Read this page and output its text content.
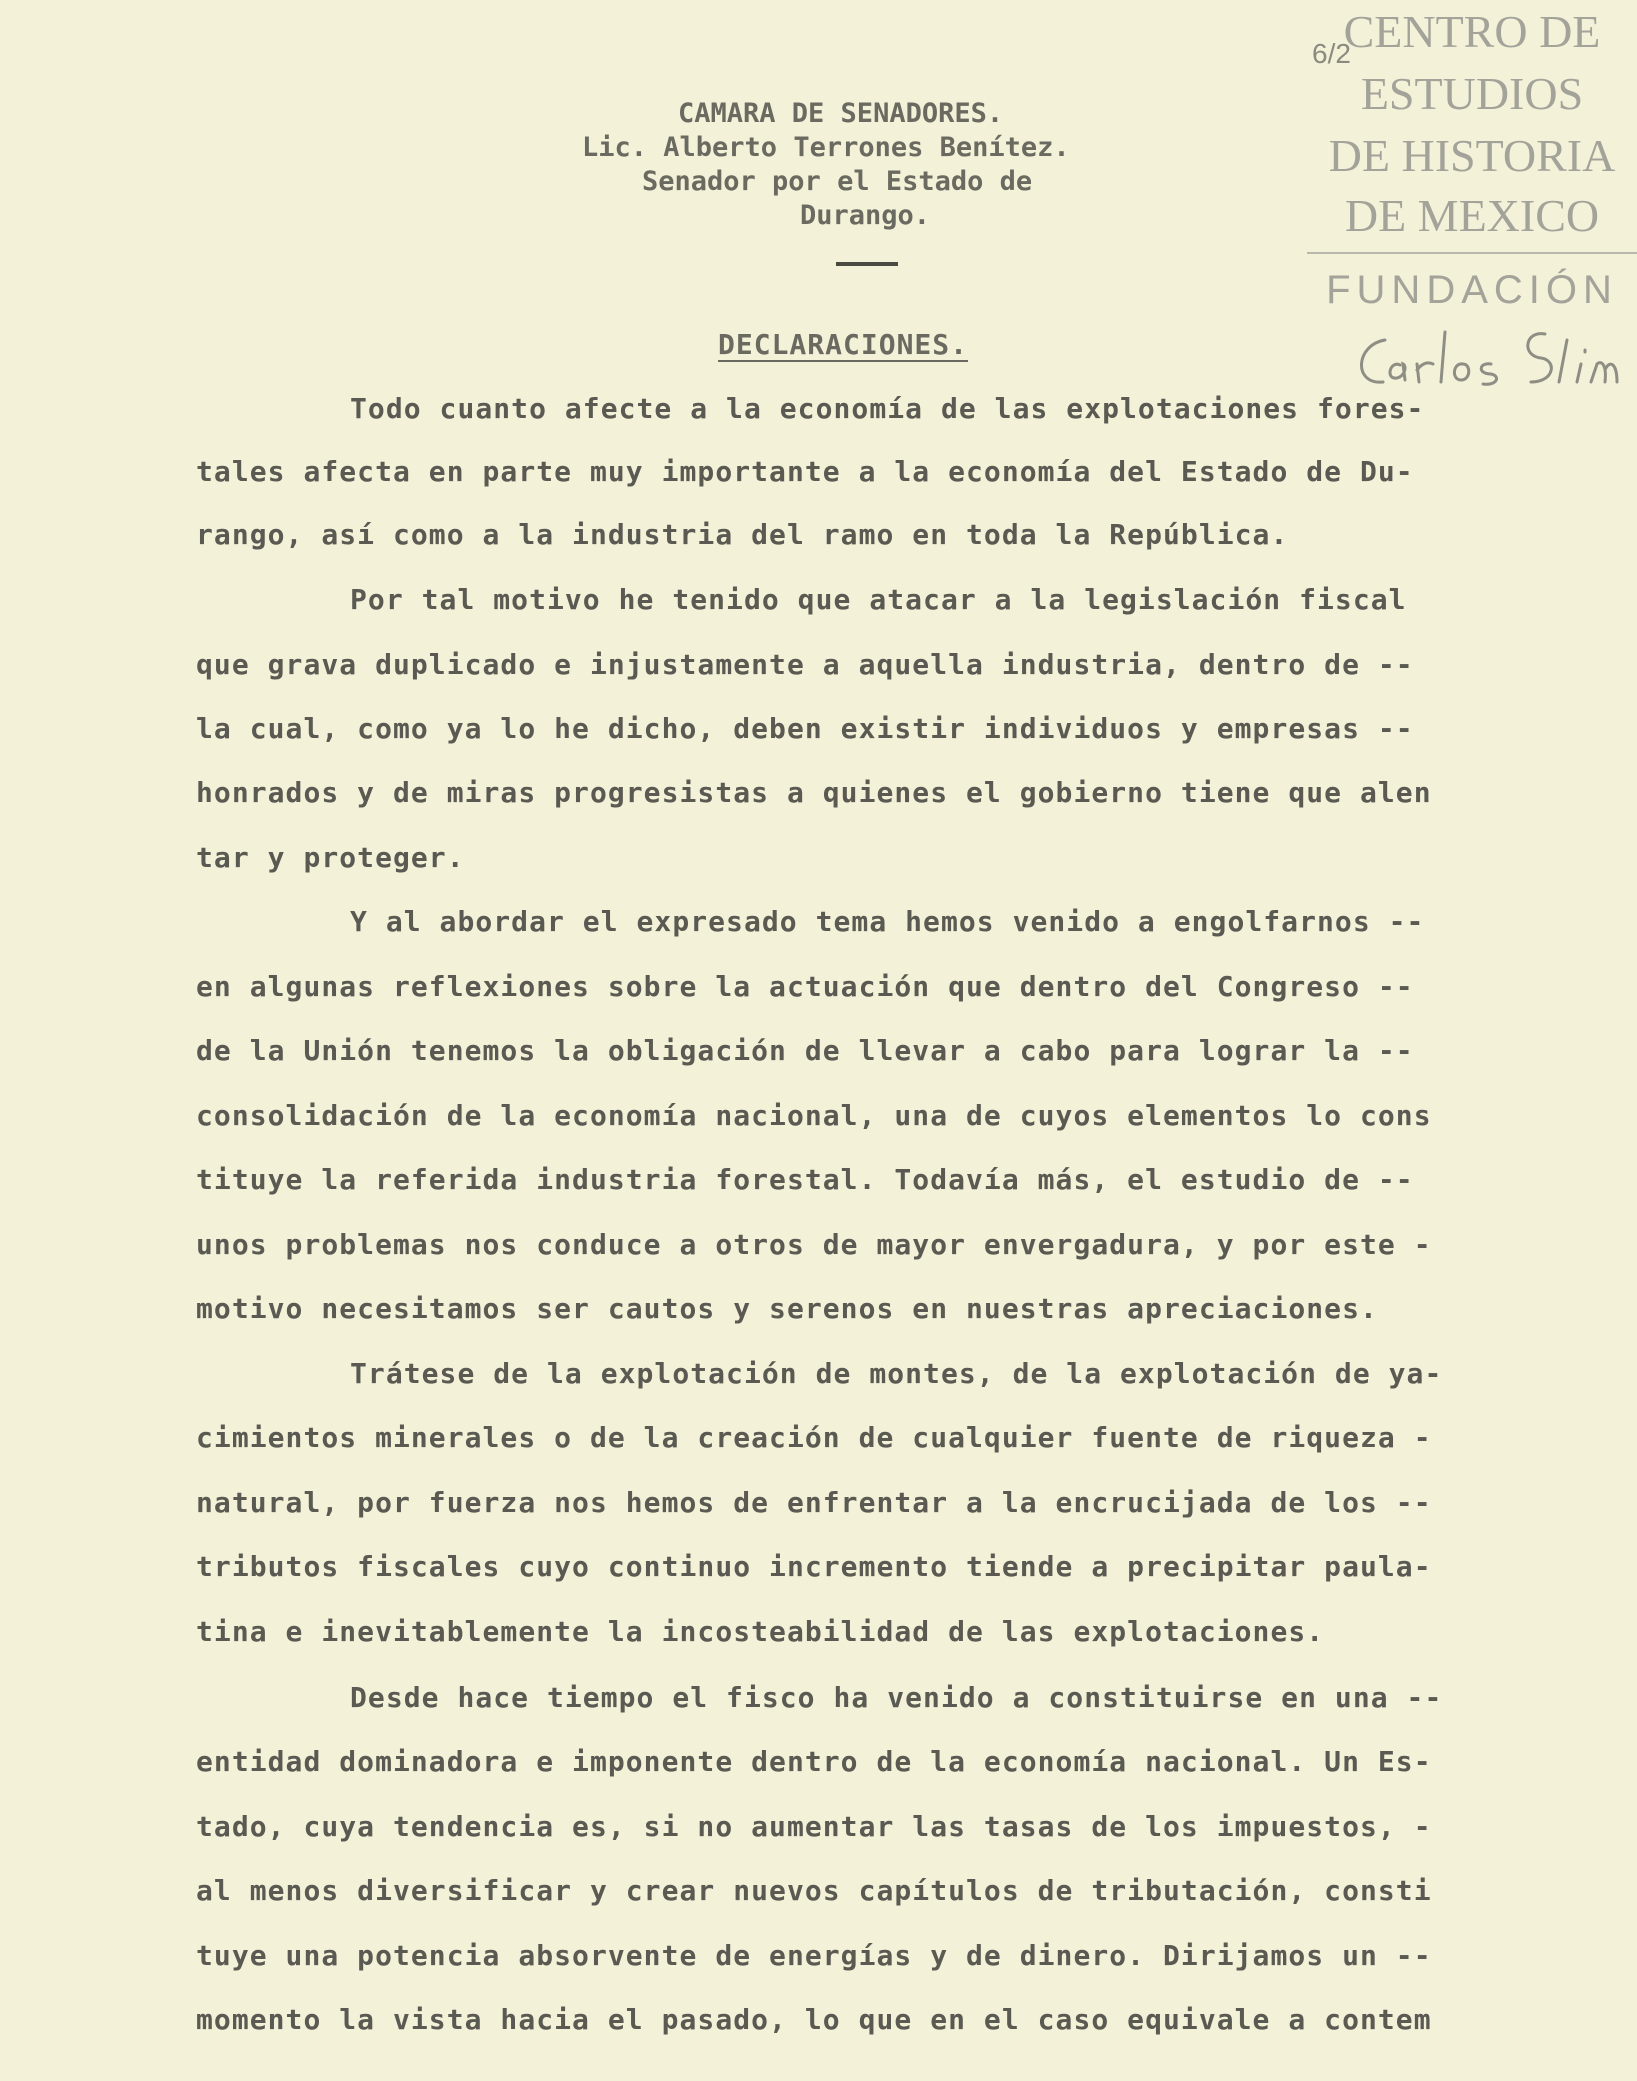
CENTRO DE
ESTUDIOS
DE HISTORIA
DE MEXICO
FUNDACIÓN
6/2
CAMARA DE SENADORES.
Lic. Alberto Terrones Benítez.
Senador por el Estado de
Durango.
DECLARACIONES.
Todo cuanto afecte a la economía de las explotaciones fores-
tales afecta en parte muy importante a la economía del Estado de Du-
rango, así como a la industria del ramo en toda la República.
Por tal motivo he tenido que atacar a la legislación fiscal
que grava duplicado e injustamente a aquella industria, dentro de --
la cual, como ya lo he dicho, deben existir individuos y empresas --
honrados y de miras progresistas a quienes el gobierno tiene que alen
tar y proteger.
Y al abordar el expresado tema hemos venido a engolfarnos --
en algunas reflexiones sobre la actuación que dentro del Congreso --
de la Unión tenemos la obligación de llevar a cabo para lograr la --
consolidación de la economía nacional, una de cuyos elementos lo cons
tituye la referida industria forestal. Todavía más, el estudio de --
unos problemas nos conduce a otros de mayor envergadura, y por este -
motivo necesitamos ser cautos y serenos en nuestras apreciaciones.
Trátese de la explotación de montes, de la explotación de ya-
cimientos minerales o de la creación de cualquier fuente de riqueza -
natural, por fuerza nos hemos de enfrentar a la encrucijada de los --
tributos fiscales cuyo continuo incremento tiende a precipitar paula-
tina e inevitablemente la incosteabilidad de las explotaciones.
Desde hace tiempo el fisco ha venido a constituirse en una --
entidad dominadora e imponente dentro de la economía nacional. Un Es-
tado, cuya tendencia es, si no aumentar las tasas de los impuestos, -
al menos diversificar y crear nuevos capítulos de tributación, consti
tuye una potencia absorvente de energías y de dinero. Dirijamos un --
momento la vista hacia el pasado, lo que en el caso equivale a contem
